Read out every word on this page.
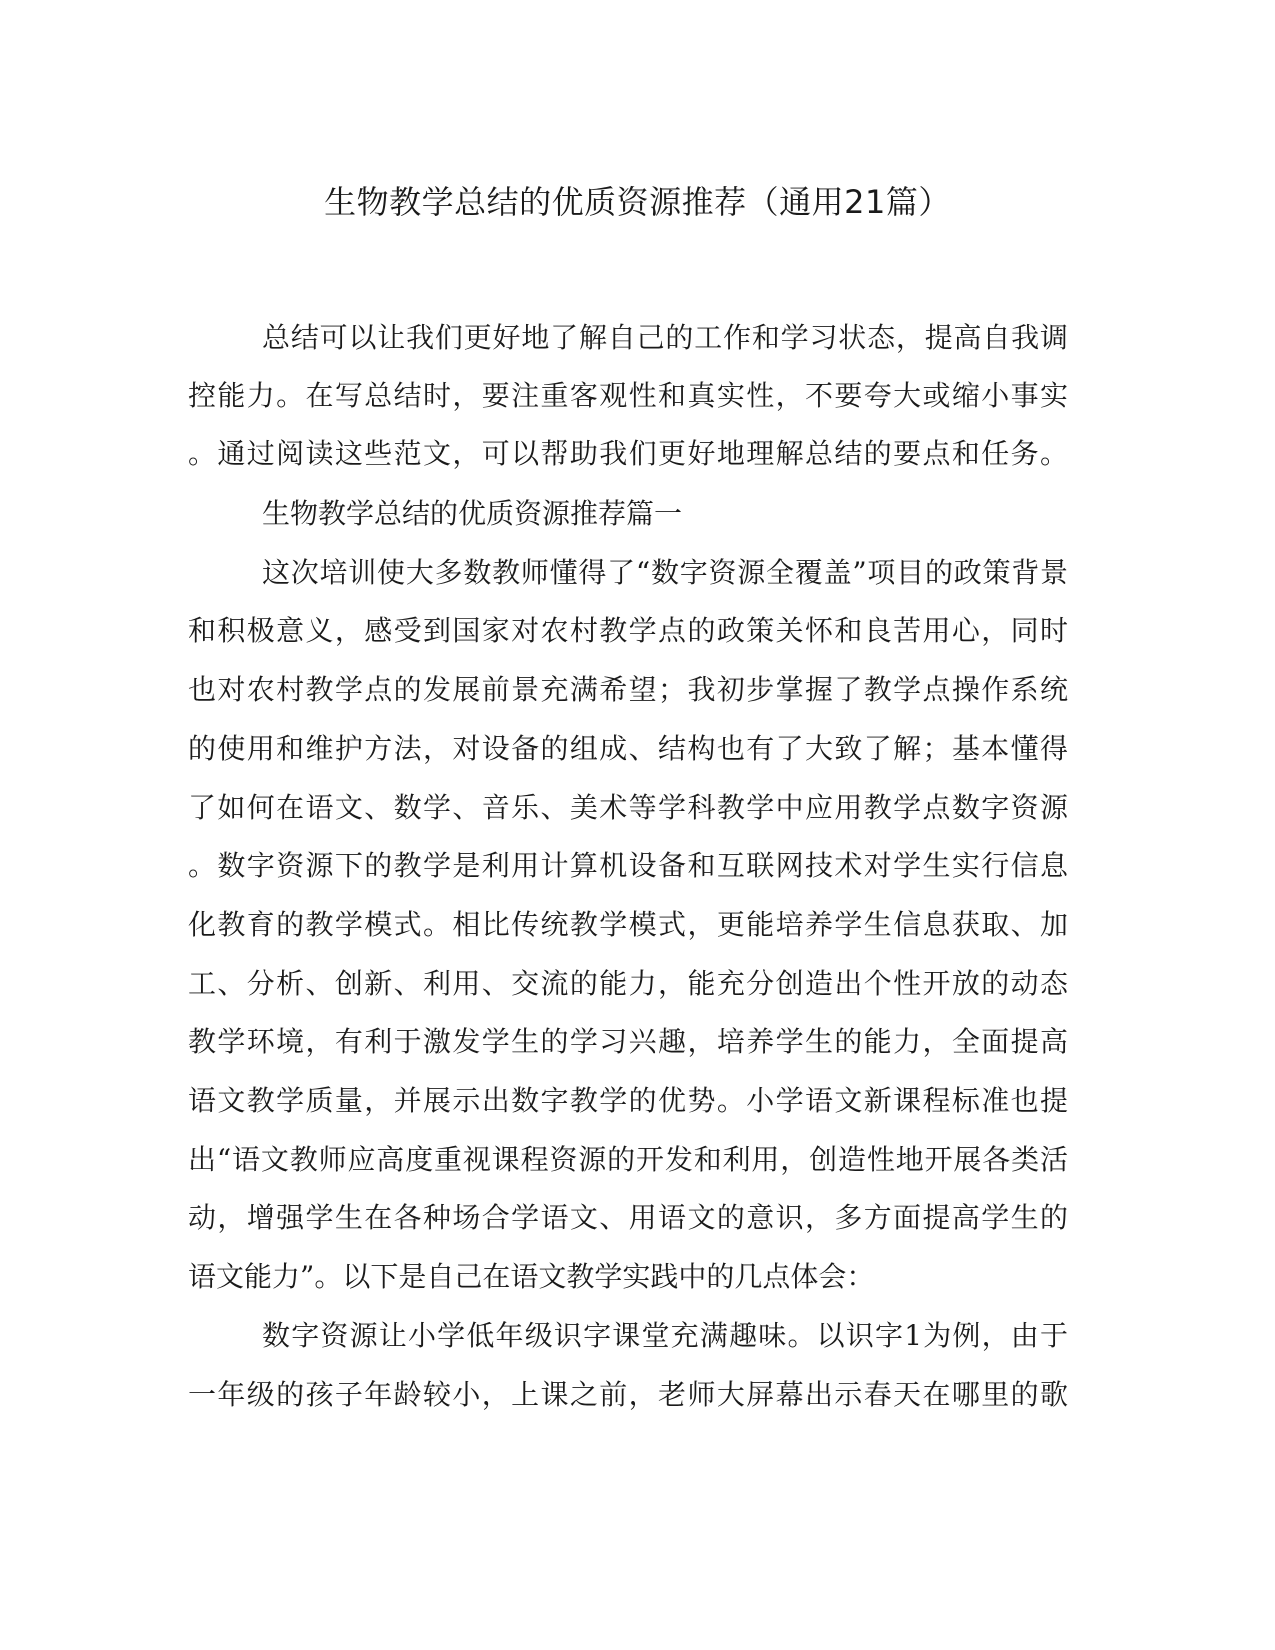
生物教学总结的优质资源推荐（通用21篇）

总结可以让我们更好地了解自己的工作和学习状态，提高自我调

控能力。在写总结时，要注重客观性和真实性，不要夸大或缩小事实

。通过阅读这些范文，可以帮助我们更好地理解总结的要点和任务。

生物教学总结的优质资源推荐篇一

这次培训使大多数教师懂得了“数字资源全覆盖”项目的政策背景

和积极意义，感受到国家对农村教学点的政策关怀和良苦用心，同时

也对农村教学点的发展前景充满希望；我初步掌握了教学点操作系统

的使用和维护方法，对设备的组成、结构也有了大致了解；基本懂得

了如何在语文、数学、音乐、美术等学科教学中应用教学点数字资源

。数字资源下的教学是利用计算机设备和互联网技术对学生实行信息

化教育的教学模式。相比传统教学模式，更能培养学生信息获取、加

工、分析、创新、利用、交流的能力，能充分创造出个性开放的动态

教学环境，有利于激发学生的学习兴趣，培养学生的能力，全面提高

语文教学质量，并展示出数字教学的优势。小学语文新课程标准也提

出“语文教师应高度重视课程资源的开发和利用，创造性地开展各类活

动，增强学生在各种场合学语文、用语文的意识，多方面提高学生的

语文能力”。以下是自己在语文教学实践中的几点体会：

数字资源让小学低年级识字课堂充满趣味。以识字1为例，由于

一年级的孩子年龄较小，上课之前，老师大屏幕出示春天在哪里的歌
